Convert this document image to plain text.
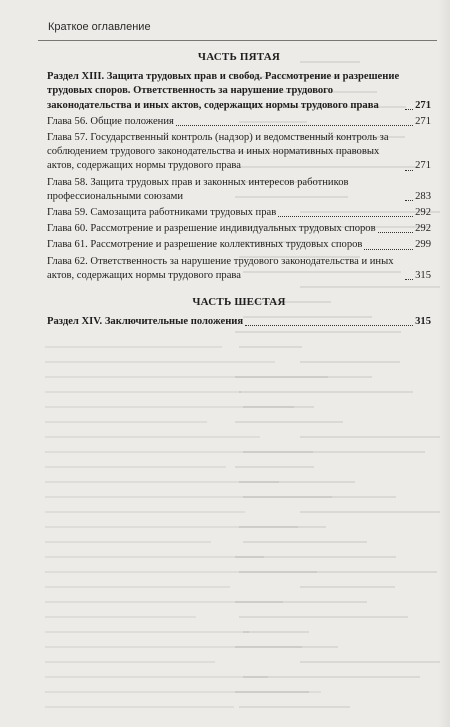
Краткое оглавление
ЧАСТЬ ПЯТАЯ
Раздел XIII. Защита трудовых прав и свобод. Рассмотрение и разрешение трудовых споров. Ответственность за нарушение трудового законодательства и иных актов, содержащих нормы трудового права	271
Глава 56. Общие положения	271
Глава 57. Государственный контроль (надзор) и ведомственный контроль за соблюдением трудового законодательства и иных нормативных правовых актов, содержащих нормы трудового права	271
Глава 58. Защита трудовых прав и законных интересов работников профессиональными союзами	283
Глава 59. Самозащита работниками трудовых прав	292
Глава 60. Рассмотрение и разрешение индивидуальных трудовых споров	292
Глава 61. Рассмотрение и разрешение коллективных трудовых споров	299
Глава 62. Ответственность за нарушение трудового законодательства и иных актов, содержащих нормы трудового права	315
ЧАСТЬ ШЕСТАЯ
Раздел XIV. Заключительные положения	315
